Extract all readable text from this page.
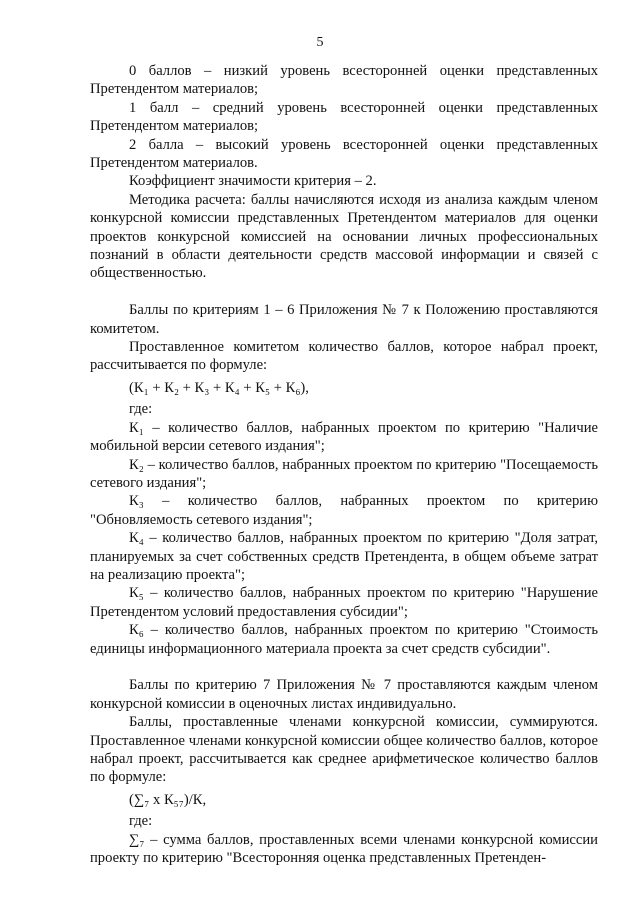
5

0 баллов – низкий уровень всесторонней оценки представленных Претендентом материалов;

1 балл – средний уровень всесторонней оценки представленных Претендентом материалов;

2 балла – высокий уровень всесторонней оценки представленных Претендентом материалов.

Коэффициент значимости критерия – 2.

Методика расчета: баллы начисляются исходя из анализа каждым членом конкурсной комиссии представленных Претендентом материалов для оценки проектов конкурсной комиссией на основании личных профессиональных познаний в области деятельности средств массовой информации и связей с общественностью.

Баллы по критериям 1 – 6 Приложения № 7 к Положению проставляются комитетом.

Проставленное комитетом количество баллов, которое набрал проект, рассчитывается по формуле:

(К₁ + К₂ + К₃ + К₄ + К₅ + К₆),

где:

К₁ – количество баллов, набранных проектом по критерию "Наличие мобильной версии сетевого издания";

К₂ – количество баллов, набранных проектом по критерию "Посещаемость сетевого издания";

К₃ – количество баллов, набранных проектом по критерию "Обновляемость сетевого издания";

К₄ – количество баллов, набранных проектом по критерию "Доля затрат, планируемых за счет собственных средств Претендента, в общем объеме затрат на реализацию проекта";

К₅ – количество баллов, набранных проектом по критерию "Нарушение Претендентом условий предоставления субсидии";

К₆ – количество баллов, набранных проектом по критерию "Стоимость единицы информационного материала проекта за счет средств субсидии".

Баллы по критерию 7 Приложения № 7 проставляются каждым членом конкурсной комиссии в оценочных листах индивидуально.

Баллы, проставленные членами конкурсной комиссии, суммируются. Проставленное членами конкурсной комиссии общее количество баллов, которое набрал проект, рассчитывается как среднее арифметическое количество баллов по формуле:

(∑₇ х К₅₇)/К,

где:

∑₇ – сумма баллов, проставленных всеми членами конкурсной комиссии проекту по критерию "Всесторонняя оценка представленных Претенден-
